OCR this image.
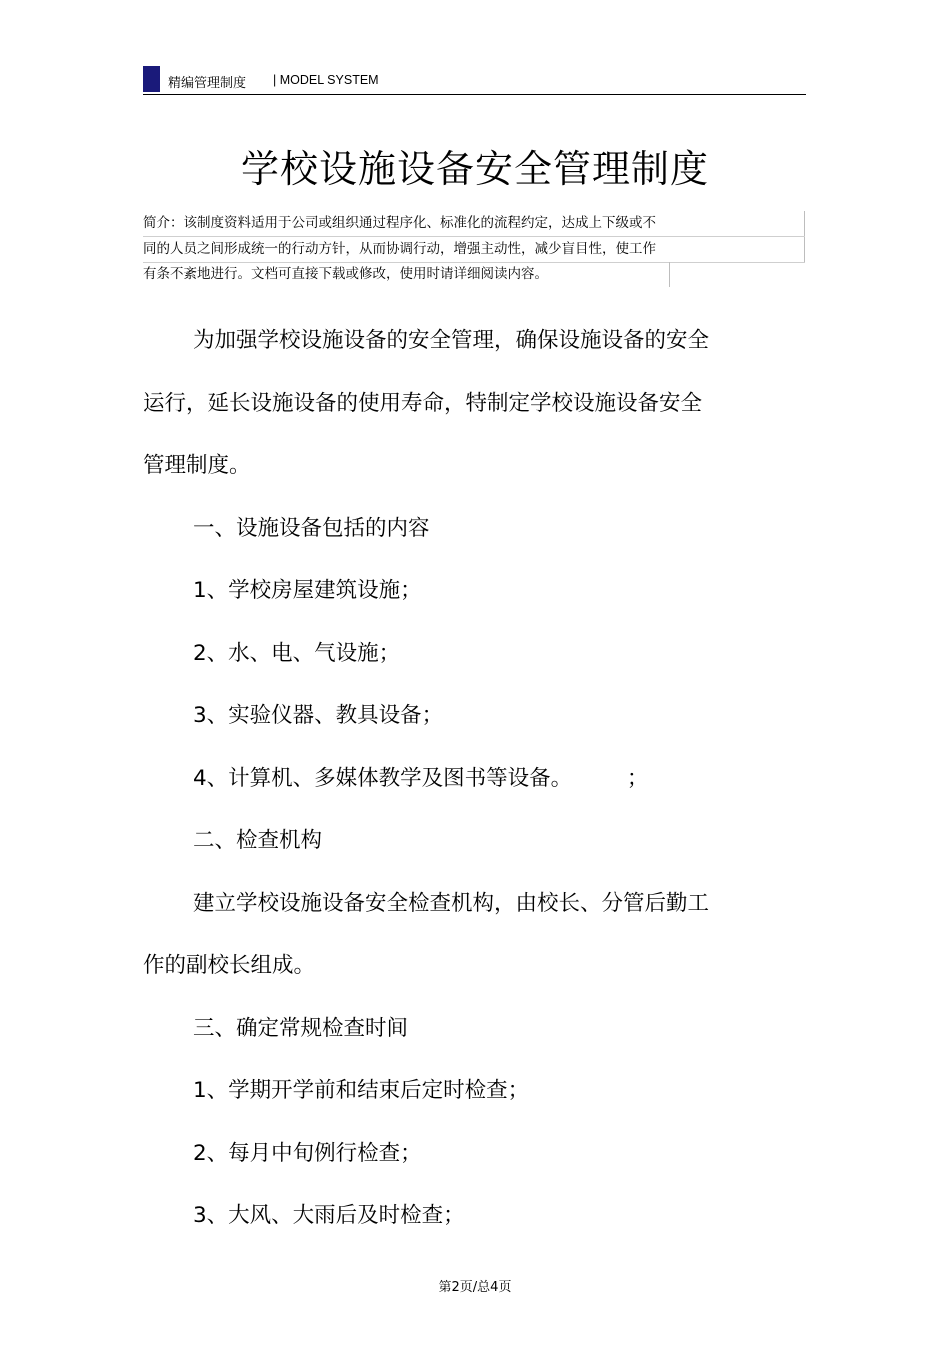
精编管理制度 | MODEL SYSTEM
学校设施设备安全管理制度
简介：该制度资料适用于公司或组织通过程序化、标准化的流程约定，达成上下级或不
同的人员之间形成统一的行动方针，从而协调行动，增强主动性，减少盲目性，使工作
有条不紊地进行。文档可直接下载或修改，使用时请详细阅读内容。
为加强学校设施设备的安全管理，确保设施设备的安全
运行，延长设施设备的使用寿命，特制定学校设施设备安全
管理制度。
一、设施设备包括的内容
1、学校房屋建筑设施；
2、水、电、气设施；
3、实验仪器、教具设备；
4、计算机、多媒体教学及图书等设备。        ；
二、检查机构
建立学校设施设备安全检查机构，由校长、分管后勤工
作的副校长组成。
三、确定常规检查时间
1、学期开学前和结束后定时检查；
2、每月中旬例行检查；
3、大风、大雨后及时检查；
第2页/总4页
